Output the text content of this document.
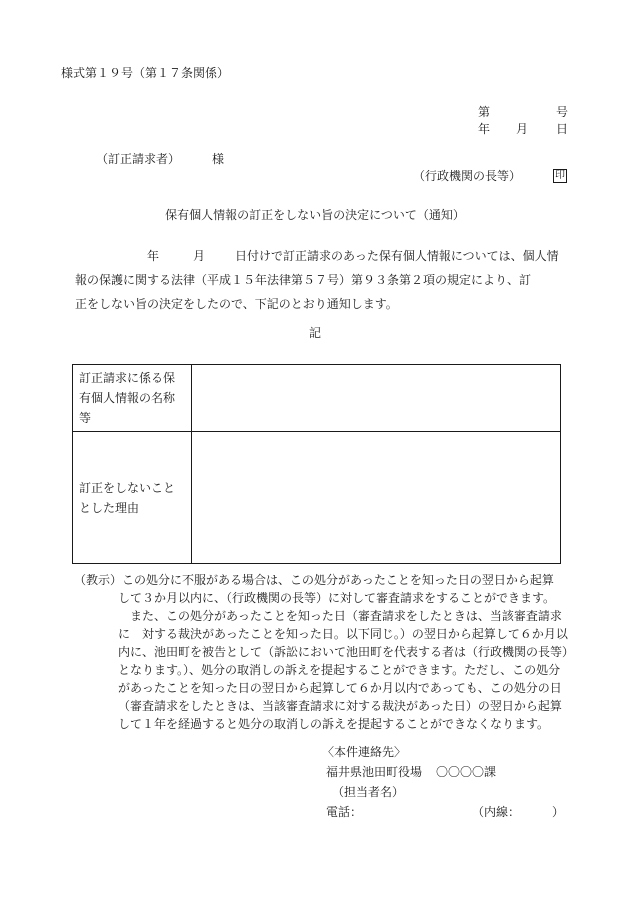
様式第１９号（第１７条関係）
第	号
年 月 日
（訂正請求者）	様
（行政機関の長等）	印
保有個人情報の訂正をしない旨の決定について（通知）
年	月	日付けで訂正請求のあった保有個人情報については、個人情
報の保護に関する法律（平成１５年法律第５７号）第９３条第２項の規定により、訂
正をしない旨の決定をしたので、下記のとおり通知します。
記
訂正請求に係る保
有個人情報の名称
等	

訂正をしないこと
とした理由	

（教示）この処分に不服がある場合は、この処分があったことを知った日の翌日から起算
して３か月以内に、（行政機関の長等）に対して審査請求をすることができます。
また、この処分があったことを知った日（審査請求をしたときは、当該審査請求
に　対する裁決があったことを知った日。以下同じ。）の翌日から起算して６か月以
内に、池田町を被告として（訴訟において池田町を代表する者は（行政機関の長等）
となります。）、処分の取消しの訴えを提起することができます。ただし、この処分
があったことを知った日の翌日から起算して６か月以内であっても、この処分の日
（審査請求をしたときは、当該審査請求に対する裁決があった日）の翌日から起算
して１年を経過すると処分の取消しの訴えを提起することができなくなります。
〈本件連絡先〉
福井県池田町役場 〇〇〇〇課
（担当者名）
電話：	（内線：	）
